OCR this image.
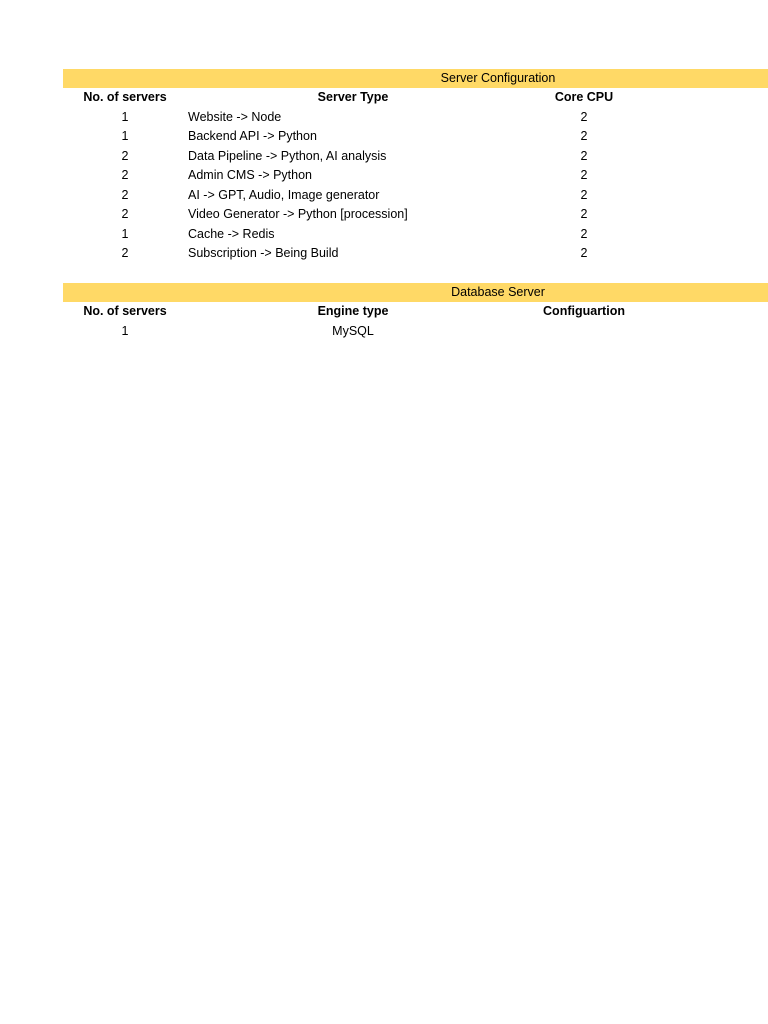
Server Configuration
No. of servers	Server Type	Core CPU
1	Website -> Node	2
1	Backend API -> Python	2
2	Data Pipeline -> Python, AI analysis	2
2	Admin CMS -> Python	2
2	AI -> GPT, Audio, Image generator	2
2	Video Generator -> Python [procession]	2
1	Cache -> Redis	2
2	Subscription -> Being Build	2
Database Server
No. of servers	Engine type	Configuartion
1	MySQL
